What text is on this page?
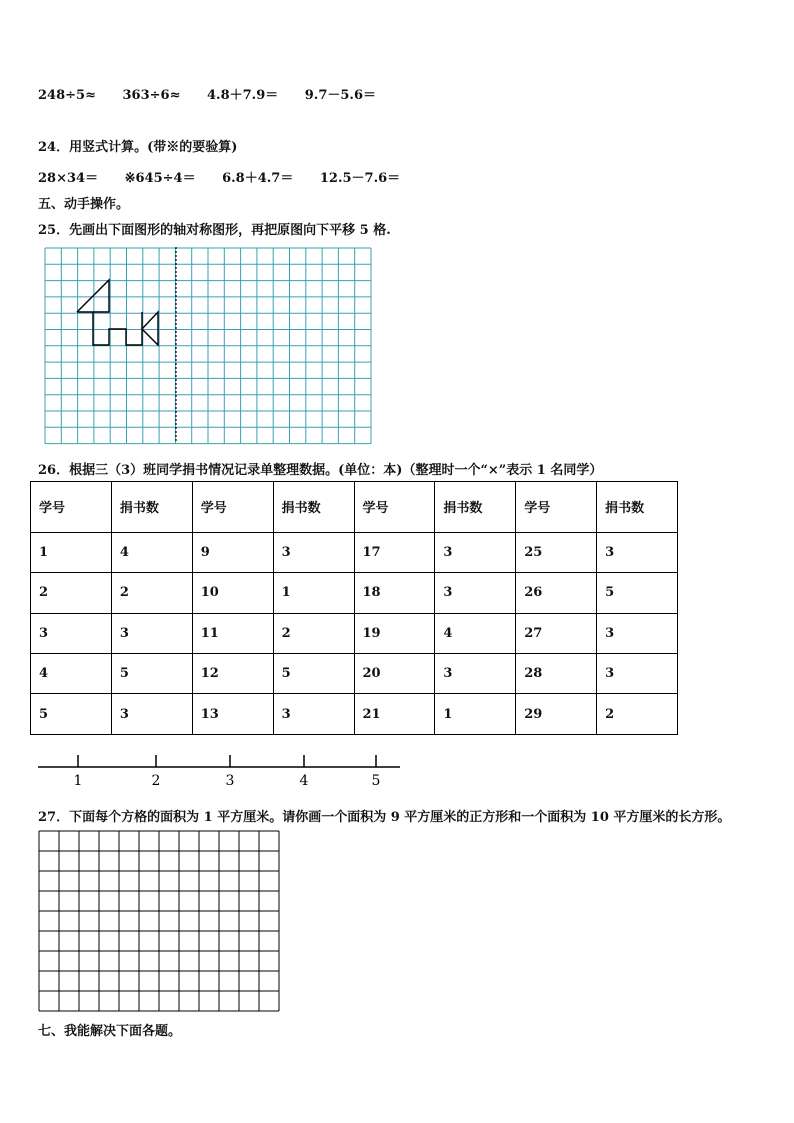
248÷5≈ 363÷6≈ 4.8＋7.9＝ 9.7－5.6＝
24．用竖式计算。(带※的要验算)
28×34＝ ※645÷4＝ 6.8＋4.7＝ 12.5－7.6＝
五、动手操作。
25．先画出下面图形的轴对称图形，再把原图向下平移 5 格.
26．根据三（3）班同学捐书情况记录单整理数据。(单位：本)（整理时一个“×”表示 1 名同学）
学号	捐书数	学号	捐书数	学号	捐书数	学号	捐书数
1	4	9	3	17	3	25	3
2	2	10	1	18	3	26	5
3	3	11	2	19	4	27	3
4	5	12	5	20	3	28	3
5	3	13	3	21	1	29	2
1	2	3	4	5
27．下面每个方格的面积为 1 平方厘米。请你画一个面积为 9 平方厘米的正方形和一个面积为 10 平方厘米的长方形。
七、我能解决下面各题。
